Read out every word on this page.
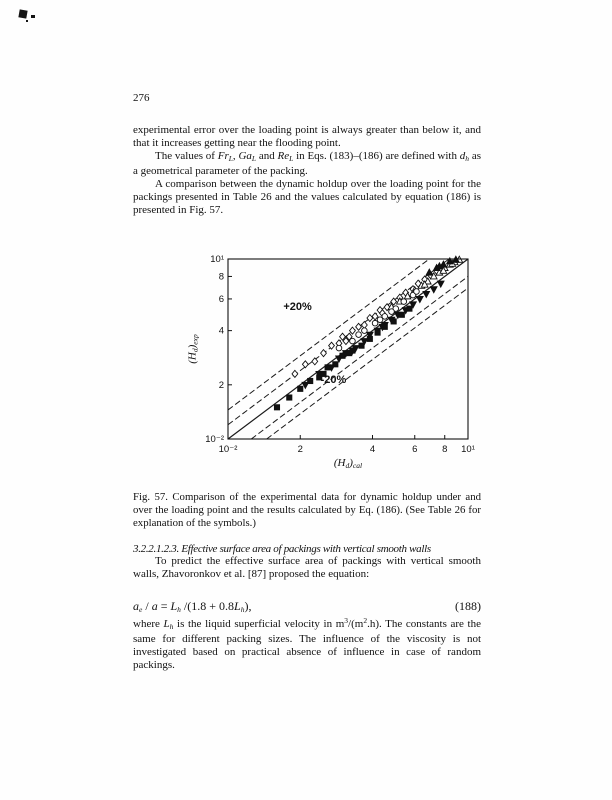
276

experimental error over the loading point is always greater than below it, and that it increases getting near the flooding point.

The values of $Fr_L$, $Ga_L$ and $Re_L$ in Eqs. (183)–(186) are defined with $d_h$ as a geometrical parameter of the packing.

A comparison between the dynamic holdup over the loading point for the packings presented in Table 26 and the values calculated by equation (186) is presented in Fig. 57.

$(H_d)\exp$
10⁻²	2	4	6	8 10¹
10¹
8
6
4
2
10⁻²
+20%
-20%
$(H_d)cal$

Fig. 57. Comparison of the experimental data for dynamic holdup under and over the loading point and the results calculated by Eq. (186). (See Table 26 for explanation of the symbols.)

3.2.2.1.2.3. Effective surface area of packings with vertical smooth walls

To predict the effective surface area of packings with vertical smooth walls, Zhavoronkov et al. [87] proposed the equation:

$a_e / a = L_h$ $/(1.8 + 0.8L_h)$,	(188)

where $L_h$ is the liquid superficial velocity in $m^3/(m^2.h)$. The constants are the same for different packing sizes. The influence of the viscosity is not investigated based on practical absence of influence in case of random packings.
